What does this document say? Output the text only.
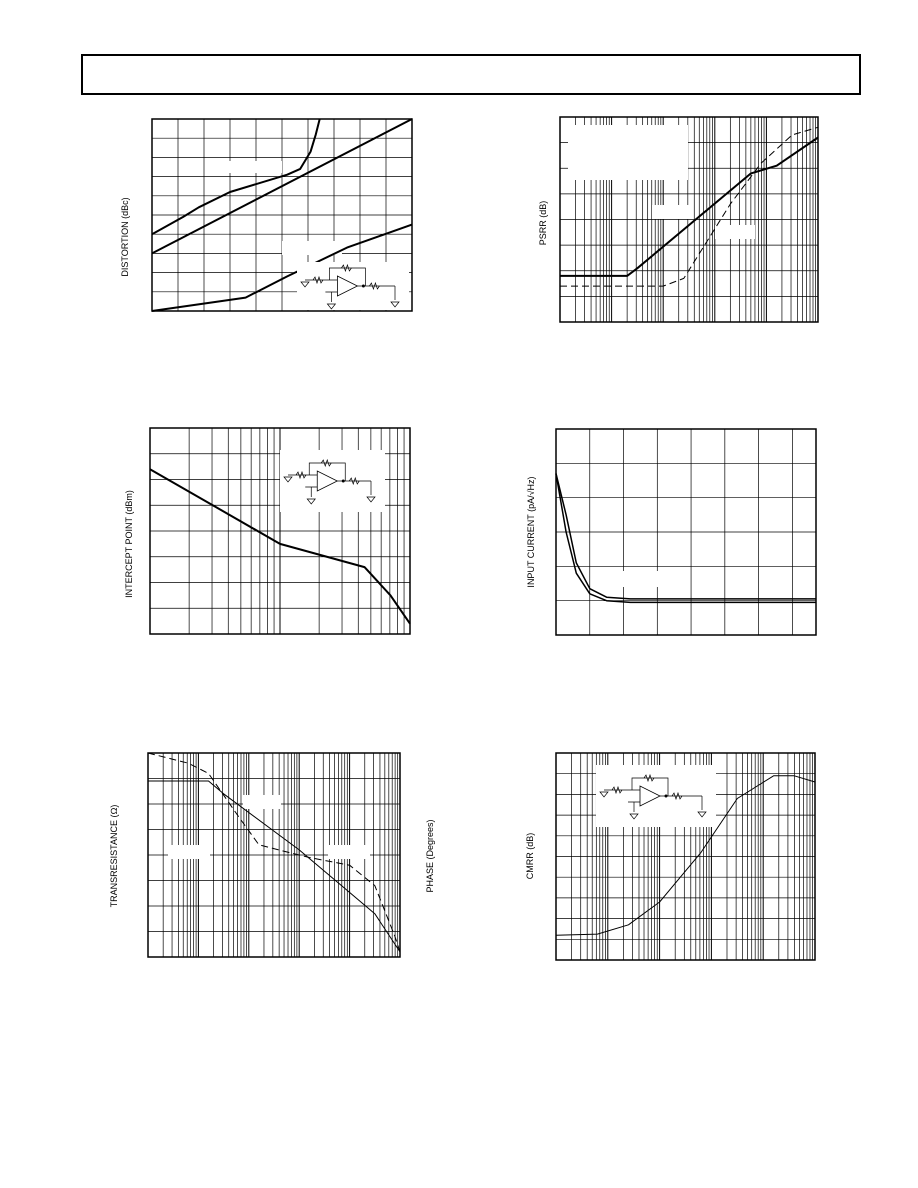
DISTORTION (dBc)	PSRR (dB)
INTERCEPT POINT (dBm)	INPUT CURRENT (pA/√Hz)
TRANSRESISTANCE (Ω)	PHASE (Degrees)	CMRR (dB)
